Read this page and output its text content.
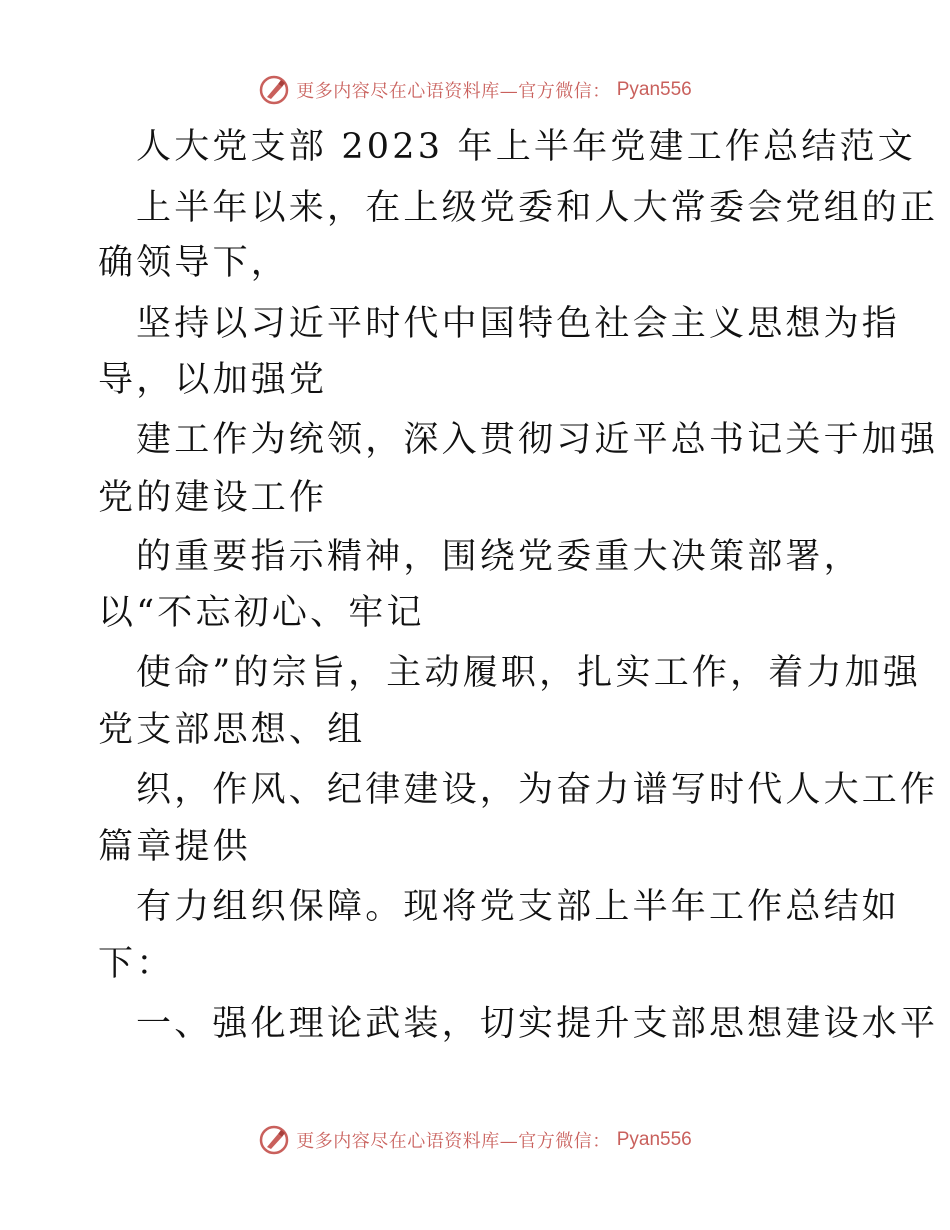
更多内容尽在心语资料库—官方微信： Pyan556
人大党支部 2023 年上半年党建工作总结范文
上半年以来，在上级党委和人大常委会党组的正
确领导下，
坚持以习近平时代中国特色社会主义思想为指
导，以加强党
建工作为统领，深入贯彻习近平总书记关于加强
党的建设工作
的重要指示精神，围绕党委重大决策部署，
以“不忘初心、牢记
使命”的宗旨，主动履职，扎实工作，着力加强
党支部思想、组
织，作风、纪律建设，为奋力谱写时代人大工作
篇章提供
有力组织保障。现将党支部上半年工作总结如
下：
一、强化理论武装，切实提升支部思想建设水平
更多内容尽在心语资料库—官方微信： Pyan556
